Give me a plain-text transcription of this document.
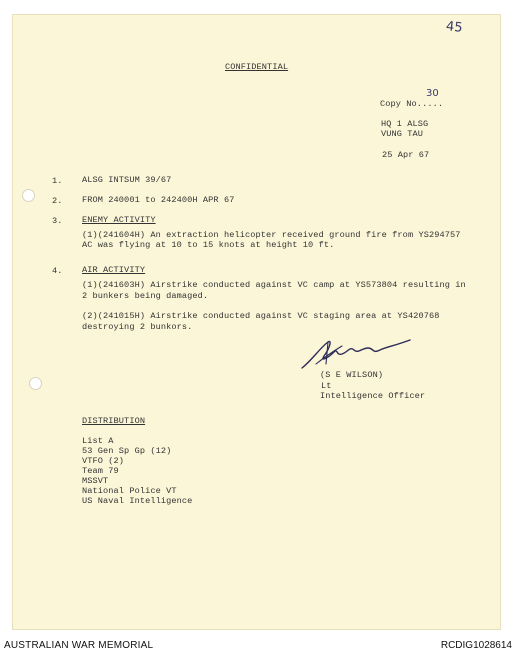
45
CONFIDENTIAL
Copy No.....
30
HQ 1 ALSG
VUNG TAU
25 Apr 67
1. ALSG INTSUM 39/67
2. FROM 240001 to 242400H APR 67
3. ENEMY ACTIVITY
(1)(241604H) An extraction helicopter received ground fire from YS294757
AC was flying at 10 to 15 knots at height 10 ft.
4. AIR ACTIVITY
(1)(241603H) Airstrike conducted against VC camp at YS573804 resulting in
2 bunkers being damaged.
(2)(241015H) Airstrike conducted against VC staging area at YS420768
destroying 2 bunkors.
(S E WILSON)
Lt
Intelligence Officer
DISTRIBUTION
List A
53 Gen Sp Gp (12)
VTFO (2)
Team 79
MSSVT
National Police VT
US Naval Intelligence
AUSTRALIAN WAR MEMORIAL	RCDIG1028614
